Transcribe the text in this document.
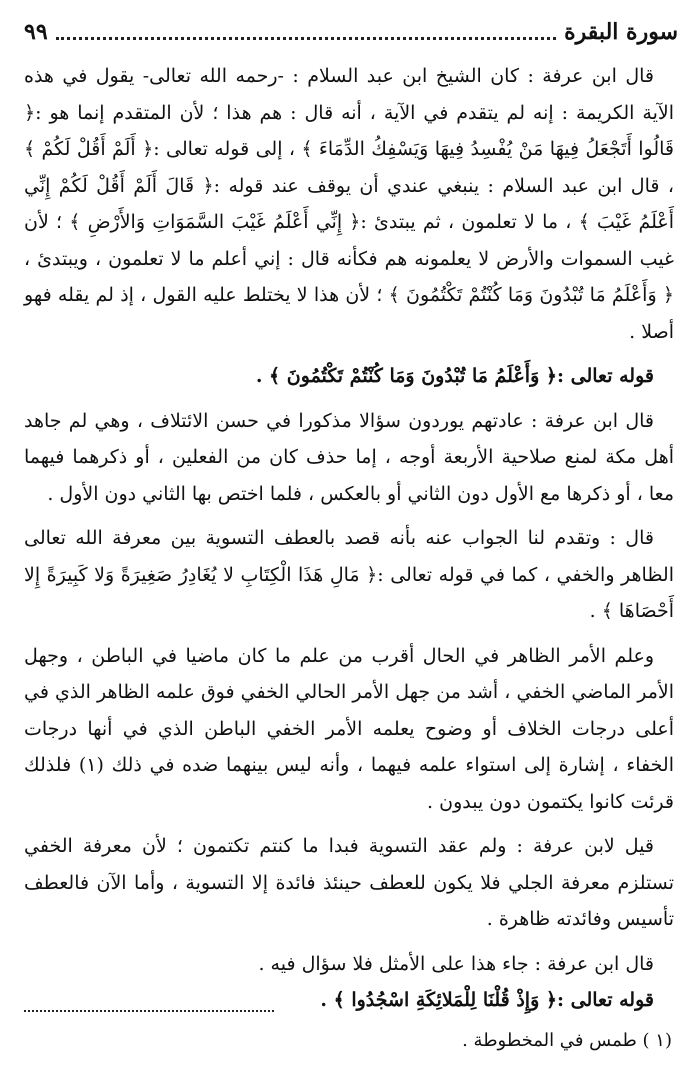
سورة البقرة
٩٩

قال ابن عرفة : كان الشيخ ابن عبد السلام : -رحمه الله تعالى- يقول في هذه الآية الكريمة : إنه لم يتقدم في الآية ، أنه قال : هم هذا ؛ لأن المتقدم إنما هو :﴿ قَالُوا أَتَجْعَلُ فِيهَا مَنْ يُفْسِدُ فِيهَا وَيَسْفِكُ الدِّمَاءَ ﴾ ، إلى قوله تعالى :﴿ أَلَمْ أَقُلْ لَكُمْ ﴾ ، قال ابن عبد السلام : ينبغي عندي أن يوقف عند قوله :﴿ قَالَ أَلَمْ أَقُلْ لَكُمْ إِنِّي أَعْلَمُ غَيْبَ ﴾ ، ما لا تعلمون ، ثم يبتدئ :﴿ إِنِّي أَعْلَمُ غَيْبَ السَّمَوَاتِ وَالأَرْضِ ﴾ ؛ لأن غيب السموات والأرض لا يعلمونه هم فكأنه قال : إني أعلم ما لا تعلمون ، ويبتدئ ، ﴿ وَأَعْلَمُ مَا تُبْدُونَ وَمَا كُنْتُمْ تَكْتُمُونَ ﴾ ؛ لأن هذا لا يختلط عليه القول ، إذ لم يقله فهو أصلا .

قوله تعالى :﴿ وَأَعْلَمُ مَا تُبْدُونَ وَمَا كُنْتُمْ تَكْتُمُونَ ﴾ .

قال ابن عرفة : عادتهم يوردون سؤالا مذكورا في حسن الائتلاف ، وهي لم جاهد أهل مكة لمنع صلاحية الأربعة أوجه ، إما حذف كان من الفعلين ، أو ذكرهما فيهما معا ، أو ذكرها مع الأول دون الثاني أو بالعكس ، فلما اختص بها الثاني دون الأول .

قال : وتقدم لنا الجواب عنه بأنه قصد بالعطف التسوية بين معرفة الله تعالى الظاهر والخفي ، كما في قوله تعالى :﴿ مَالِ هَذَا الْكِتَابِ لا يُغَادِرُ صَغِيرَةً وَلا كَبِيرَةً إِلا أَحْصَاهَا ﴾ .

وعلم الأمر الظاهر في الحال أقرب من علم ما كان ماضيا في الباطن ، وجهل الأمر الماضي الخفي ، أشد من جهل الأمر الحالي الخفي فوق علمه الظاهر الذي في أعلى درجات الخلاف أو وضوح يعلمه الأمر الخفي الباطن الذي في أنها درجات الخفاء ، إشارة إلى استواء علمه فيهما ، وأنه ليس بينهما ضده في ذلك (١) فلذلك قرئت كانوا يكتمون دون يبدون .

قيل لابن عرفة : ولم عقد التسوية فبدا ما كنتم تكتمون ؛ لأن معرفة الخفي تستلزم معرفة الجلي فلا يكون للعطف حينئذ فائدة إلا التسوية ، وأما الآن فالعطف تأسيس وفائدته ظاهرة .

قال ابن عرفة : جاء هذا على الأمثل فلا سؤال فيه .

قوله تعالى :﴿ وَإِذْ قُلْنَا لِلْمَلائِكَةِ اسْجُدُوا ﴾ .

(١ ) طمس في المخطوطة .
